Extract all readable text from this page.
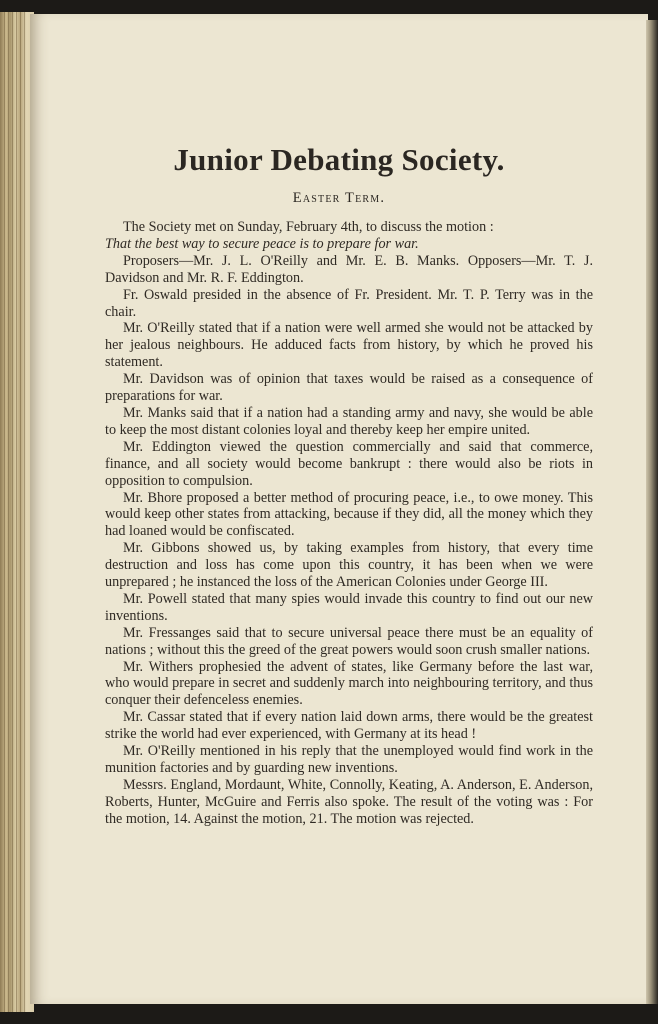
Junior Debating Society.
Easter Term.

The Society met on Sunday, February 4th, to discuss the motion :

That the best way to secure peace is to prepare for war.

Proposers—Mr. J. L. O'Reilly and Mr. E. B. Manks. Opposers—Mr. T. J. Davidson and Mr. R. F. Eddington.

Fr. Oswald presided in the absence of Fr. President. Mr. T. P. Terry was in the chair.

Mr. O'Reilly stated that if a nation were well armed she would not be attacked by her jealous neighbours. He adduced facts from history, by which he proved his statement.

Mr. Davidson was of opinion that taxes would be raised as a consequence of preparations for war.

Mr. Manks said that if a nation had a standing army and navy, she would be able to keep the most distant colonies loyal and thereby keep her empire united.

Mr. Eddington viewed the question commercially and said that commerce, finance, and all society would become bankrupt : there would also be riots in opposition to compulsion.

Mr. Bhore proposed a better method of procuring peace, i.e., to owe money. This would keep other states from attacking, because if they did, all the money which they had loaned would be confiscated.

Mr. Gibbons showed us, by taking examples from history, that every time destruction and loss has come upon this country, it has been when we were unprepared ; he instanced the loss of the American Colonies under George III.

Mr. Powell stated that many spies would invade this country to find out our new inventions.

Mr. Fressanges said that to secure universal peace there must be an equality of nations ; without this the greed of the great powers would soon crush smaller nations.

Mr. Withers prophesied the advent of states, like Germany before the last war, who would prepare in secret and suddenly march into neighbouring territory, and thus conquer their defenceless enemies.

Mr. Cassar stated that if every nation laid down arms, there would be the greatest strike the world had ever experienced, with Germany at its head !

Mr. O'Reilly mentioned in his reply that the unemployed would find work in the munition factories and by guarding new inventions.

Messrs. England, Mordaunt, White, Connolly, Keating, A. Anderson, E. Anderson, Roberts, Hunter, McGuire and Ferris also spoke. The result of the voting was : For the motion, 14. Against the motion, 21. The motion was rejected.
